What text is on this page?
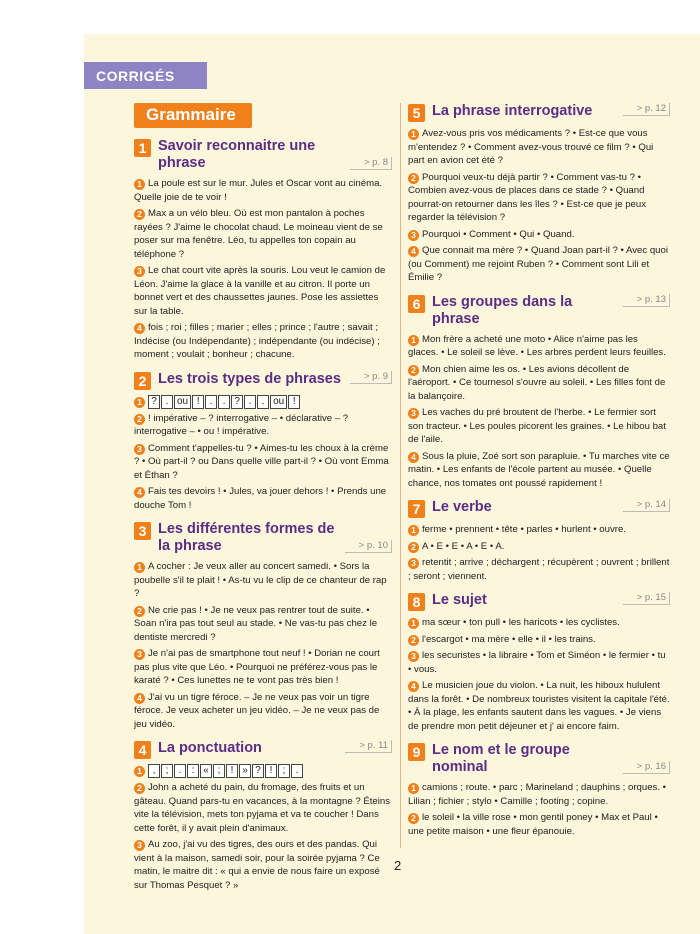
CORRIGÉS
Grammaire
1 Savoir reconnaitre une phrase	> p. 8
1 La poule est sur le mur. Jules et Oscar vont au cinéma. Quelle joie de te voir !
2 Max a un vélo bleu. Où est mon pantalon à poches rayées ? J'aime le chocolat chaud. Le moineau vient de se poser sur ma fenêtre. Léo, tu appelles ton copain au téléphone ?
3 Le chat court vite après la souris. Lou veut le camion de Léon. J'aime la glace à la vanille et au citron. Il porte un bonnet vert et des chaussettes jaunes. Pose les assiettes sur la table.
4 fois ; roi ; filles ; marier ; elles ; prince ; l'autre ; savait ; Indécise (ou Indépendante) ; indépendante (ou indécise) ; moment ; voulait ; bonheur ; chacune.
2 Les trois types de phrases	> p. 9
1 ? . ou ! . . ? . . ou !
2 ! impérative – ? interrogative – • déclarative – ? interrogative – • ou ! impérative.
3 Comment t'appelles-tu ? • Aimes-tu les choux à la crème ? • Où part-il ? ou Dans quelle ville part-il ? • Où vont Emma et Éthan ?
4 Fais tes devoirs ! • Jules, va jouer dehors ! • Prends une douche Tom !
3 Les différentes formes de la phrase	> p. 10
1 A cocher : Je veux aller au concert samedi. • Sors la poubelle s'il te plait ! • As-tu vu le clip de ce chanteur de rap ?
2 Ne crie pas ! • Je ne veux pas rentrer tout de suite. • Soan n'ira pas tout seul au stade. • Ne vas-tu pas chez le dentiste mercredi ?
3 Je n'ai pas de smartphone tout neuf ! • Dorian ne court pas plus vite que Léo. • Pourquoi ne préférez-vous pas le karaté ? • Ces lunettes ne te vont pas très bien !
4 J'ai vu un tigre féroce. – Je ne veux pas voir un tigre féroce. Je veux acheter un jeu vidéo. – Je ne veux pas de jeu vidéo.
4 La ponctuation	> p. 11
1 , ; . : « ; ! » ? ! ; .
2 John a acheté du pain, du fromage, des fruits et un gâteau. Quand pars-tu en vacances, à la montagne ? Éteins vite la télévision, mets ton pyjama et va te coucher ! Dans cette forêt, il y avait plein d'animaux.
3 Au zoo, j'ai vu des tigres, des ours et des pandas. Qui vient à la maison, samedi soir, pour la soirée pyjama ? Ce matin, le maitre dit : « qui a envie de nous faire un exposé sur Thomas Pesquet ? »
5 La phrase interrogative	> p. 12
1 Avez-vous pris vos médicaments ? • Est-ce que vous m'entendez ? • Comment avez-vous trouvé ce film ? • Qui part en avion cet été ?
2 Pourquoi veux-tu déjà partir ? • Comment vas-tu ? • Combien avez-vous de places dans ce stade ? • Quand pourrat-on retourner dans les îles ? • Est-ce que je peux regarder la télévision ?
3 Pourquoi • Comment • Qui • Quand.
4 Que connait ma mère ? • Quand Joan part-il ? • Avec quoi (ou Comment) me rejoint Ruben ? • Comment sont Lili et Émilie ?
6 Les groupes dans la phrase
> p. 13
1 Mon frère a acheté une moto • Alice n'aime pas les glaces. • Le soleil se lève. • Les arbres perdent leurs feuilles.
2 Mon chien aime les os. • Les avions décollent de l'aéroport. • Ce tournesol s'ouvre au soleil. • Les filles font de la balançoire.
3 Les vaches du pré broutent de l'herbe. • Le fermier sort son tracteur. • Les poules picorent les graines. • Le hibou bat de l'aile.
4 Sous la pluie, Zoé sort son parapluie. • Tu marches vite ce matin. • Les enfants de l'école partent au musée. • Quelle chance, nos tomates ont poussé rapidement !
7 Le verbe	> p. 14
1 ferme • prennent • tête • parles • hurlent • ouvre.
2 A • E • E • A • E • A.
3 retentit ; arrive ; déchargent ; récupèrent ; ouvrent ; brillent ; seront ; viennent.
8 Le sujet	> p. 15
1 ma sœur • ton pull • les haricots • les cyclistes.
2 l'escargot • ma mère • elle • il • les trains.
3 les securistes • la libraire • Tom et Siméon • le fermier • tu • vous.
4 Le musicien joue du violon. • La nuit, les hiboux hululent dans la forêt. • De nombreux touristes visitent la capitale l'été. • À la plage, les enfants sautent dans les vagues. • Je viens de prendre mon petit déjeuner et j' ai encore faim.
9 Le nom et le groupe nominal	> p. 16
1 camions ; route. • parc ; Marineland ; dauphins ; orques. • Lilian ; fichier ; stylo • Camille ; footing ; copine.
2 le soleil • la ville rose • mon gentil poney • Max et Paul • une petite maison • une fleur épanouie.
2
